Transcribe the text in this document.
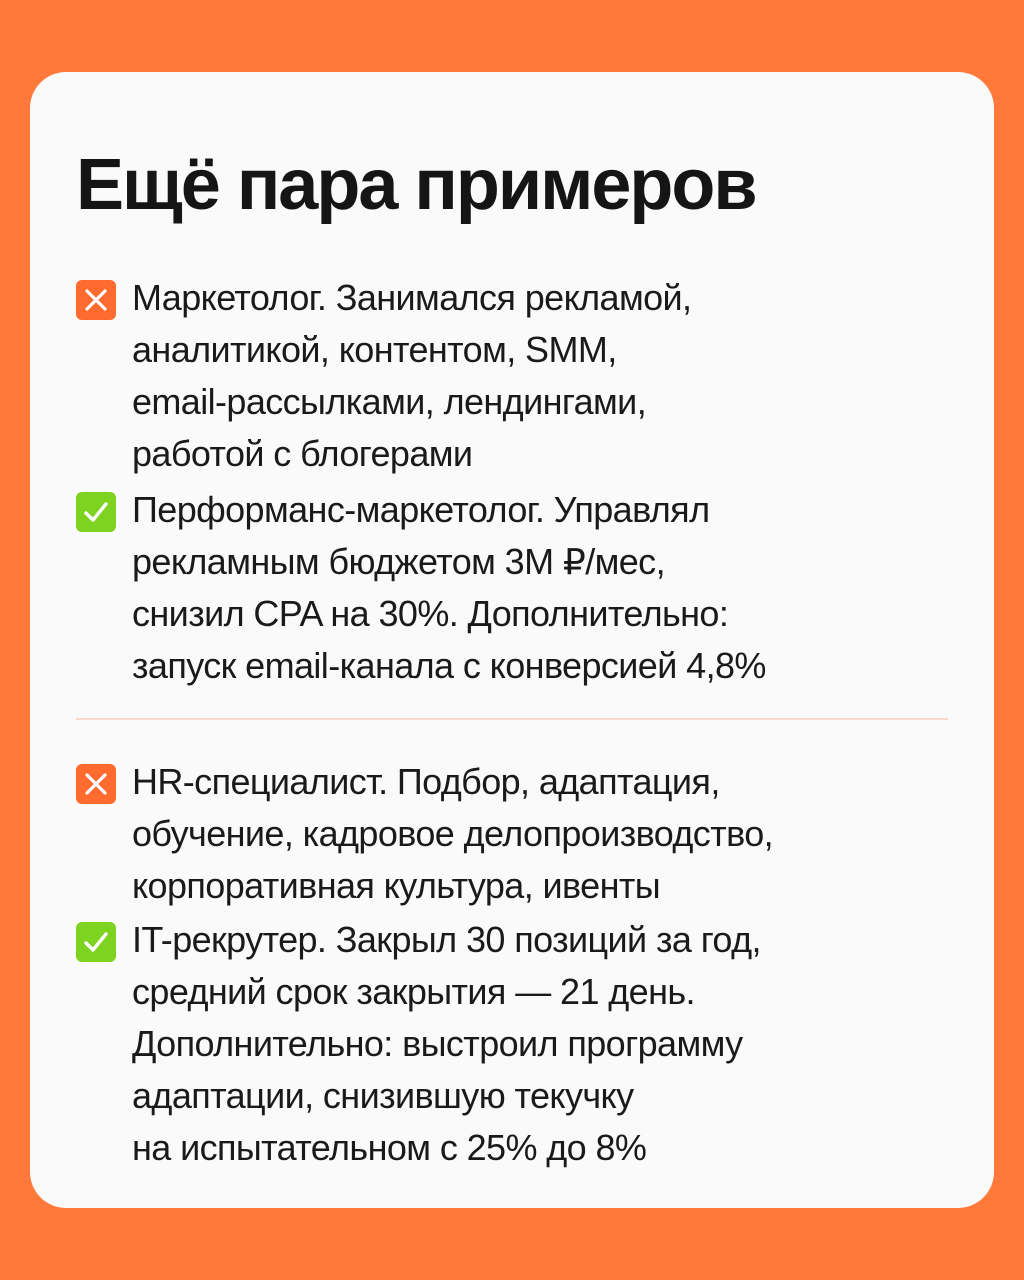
Ещё пара примеров

Маркетолог. Занимался рекламой,
аналитикой, контентом, SMM,
email-рассылками, лендингами,
работой с блогерами

Перформанс-маркетолог. Управлял
рекламным бюджетом 3М ₽/мес,
снизил CPA на 30%. Дополнительно:
запуск email-канала с конверсией 4,8%

HR-специалист. Подбор, адаптация,
обучение, кадровое делопроизводство,
корпоративная культура, ивенты

IT-рекрутер. Закрыл 30 позиций за год,
средний срок закрытия — 21 день.
Дополнительно: выстроил программу
адаптации, снизившую текучку
на испытательном с 25% до 8%
